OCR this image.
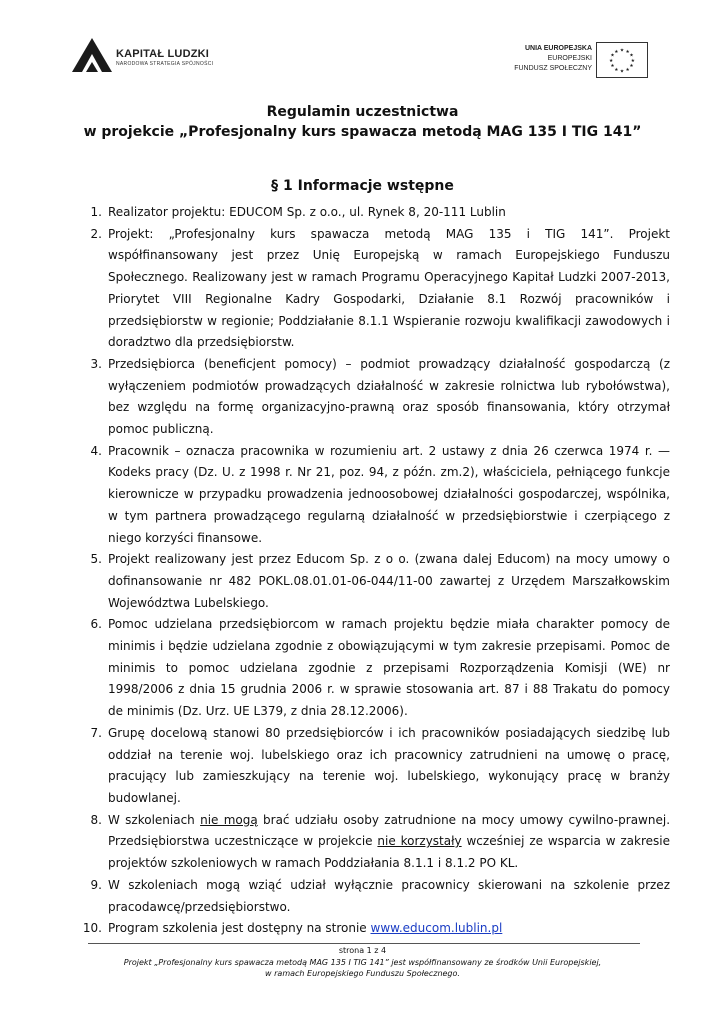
KAPITAŁ LUDZKI
NARODOWA STRATEGIA SPÓJNOŚCI
UNIA EUROPEJSKA
EUROPEJSKI
FUNDUSZ SPOŁECZNY
★ ★
★
★
★
★
★
★
★
★
★
★
Regulamin uczestnictwa
w projekcie „Profesjonalny kurs spawacza metodą MAG 135 I TIG 141”
§ 1 Informacje wstępne

1. Realizator projektu: EDUCOM Sp. z o.o., ul. Rynek 8, 20-111 Lublin

2. Projekt: „Profesjonalny kurs spawacza metodą MAG 135 i TIG 141”. Projekt współfinansowany jest przez Unię Europejską w ramach Europejskiego Funduszu Społecznego. Realizowany jest w ramach Programu Operacyjnego Kapitał Ludzki 2007-2013, Priorytet VIII Regionalne Kadry Gospodarki, Działanie 8.1 Rozwój pracowników i przedsiębiorstw w regionie; Poddziałanie 8.1.1 Wspieranie rozwoju kwalifikacji zawodowych i doradztwo dla przedsiębiorstw.

3. Przedsiębiorca (beneficjent pomocy) – podmiot prowadzący działalność gospodarczą (z wyłączeniem podmiotów prowadzących działalność w zakresie rolnictwa lub rybołówstwa), bez względu na formę organizacyjno-prawną oraz sposób finansowania, który otrzymał pomoc publiczną.

4. Pracownik – oznacza pracownika w rozumieniu art. 2 ustawy z dnia 26 czerwca 1974 r. — Kodeks pracy (Dz. U. z 1998 r. Nr 21, poz. 94, z późn. zm.2), właściciela, pełniącego funkcje kierownicze w przypadku prowadzenia jednoosobowej działalności gospodarczej, wspólnika, w tym partnera prowadzącego regularną działalność w przedsiębiorstwie i czerpiącego z niego korzyści finansowe.

5. Projekt realizowany jest przez Educom Sp. z o o. (zwana dalej Educom) na mocy umowy o dofinansowanie nr 482 POKL.08.01.01-06-044/11-00 zawartej z Urzędem Marszałkowskim Województwa Lubelskiego.

6. Pomoc udzielana przedsiębiorcom w ramach projektu będzie miała charakter pomocy de minimis i będzie udzielana zgodnie z obowiązującymi w tym zakresie przepisami. Pomoc de minimis to pomoc udzielana zgodnie z przepisami Rozporządzenia Komisji (WE) nr 1998/2006 z dnia 15 grudnia 2006 r. w sprawie stosowania art. 87 i 88 Trakatu do pomocy de minimis (Dz. Urz. UE L379, z dnia 28.12.2006).

7. Grupę docelową stanowi 80 przedsiębiorców i ich pracowników posiadających siedzibę lub oddział na terenie woj. lubelskiego oraz ich pracownicy zatrudnieni na umowę o pracę, pracujący lub zamieszkujący na terenie woj. lubelskiego, wykonujący pracę w branży budowlanej.

8. W szkoleniach nie mogą brać udziału osoby zatrudnione na mocy umowy cywilno-prawnej. Przedsiębiorstwa uczestniczące w projekcie nie korzystały wcześniej ze wsparcia w zakresie projektów szkoleniowych w ramach Poddziałania 8.1.1 i 8.1.2 PO KL.

9. W szkoleniach mogą wziąć udział wyłącznie pracownicy skierowani na szkolenie przez pracodawcę/przedsiębiorstwo.

10. Program szkolenia jest dostępny na stronie www.educom.lublin.pl

strona 1 z 4
Projekt „Profesjonalny kurs spawacza metodą MAG 135 I TIG 141” jest współfinansowany ze środków Unii Europejskiej,
w ramach Europejskiego Funduszu Społecznego.
